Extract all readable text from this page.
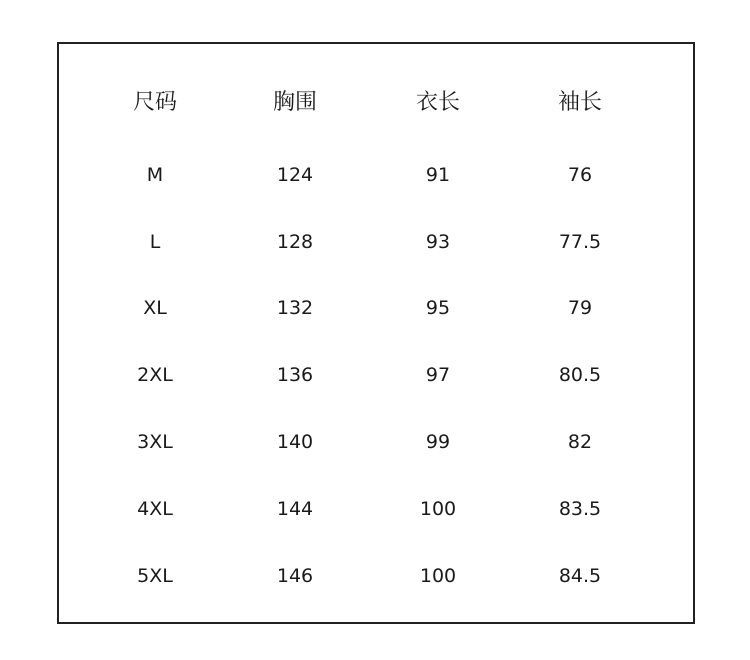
尺码	胸围	衣长	袖长
M	124	91	76
L	128	93	77.5
XL	132	95	79
2XL	136	97	80.5
3XL	140	99	82
4XL	144	100	83.5
5XL	146	100	84.5
